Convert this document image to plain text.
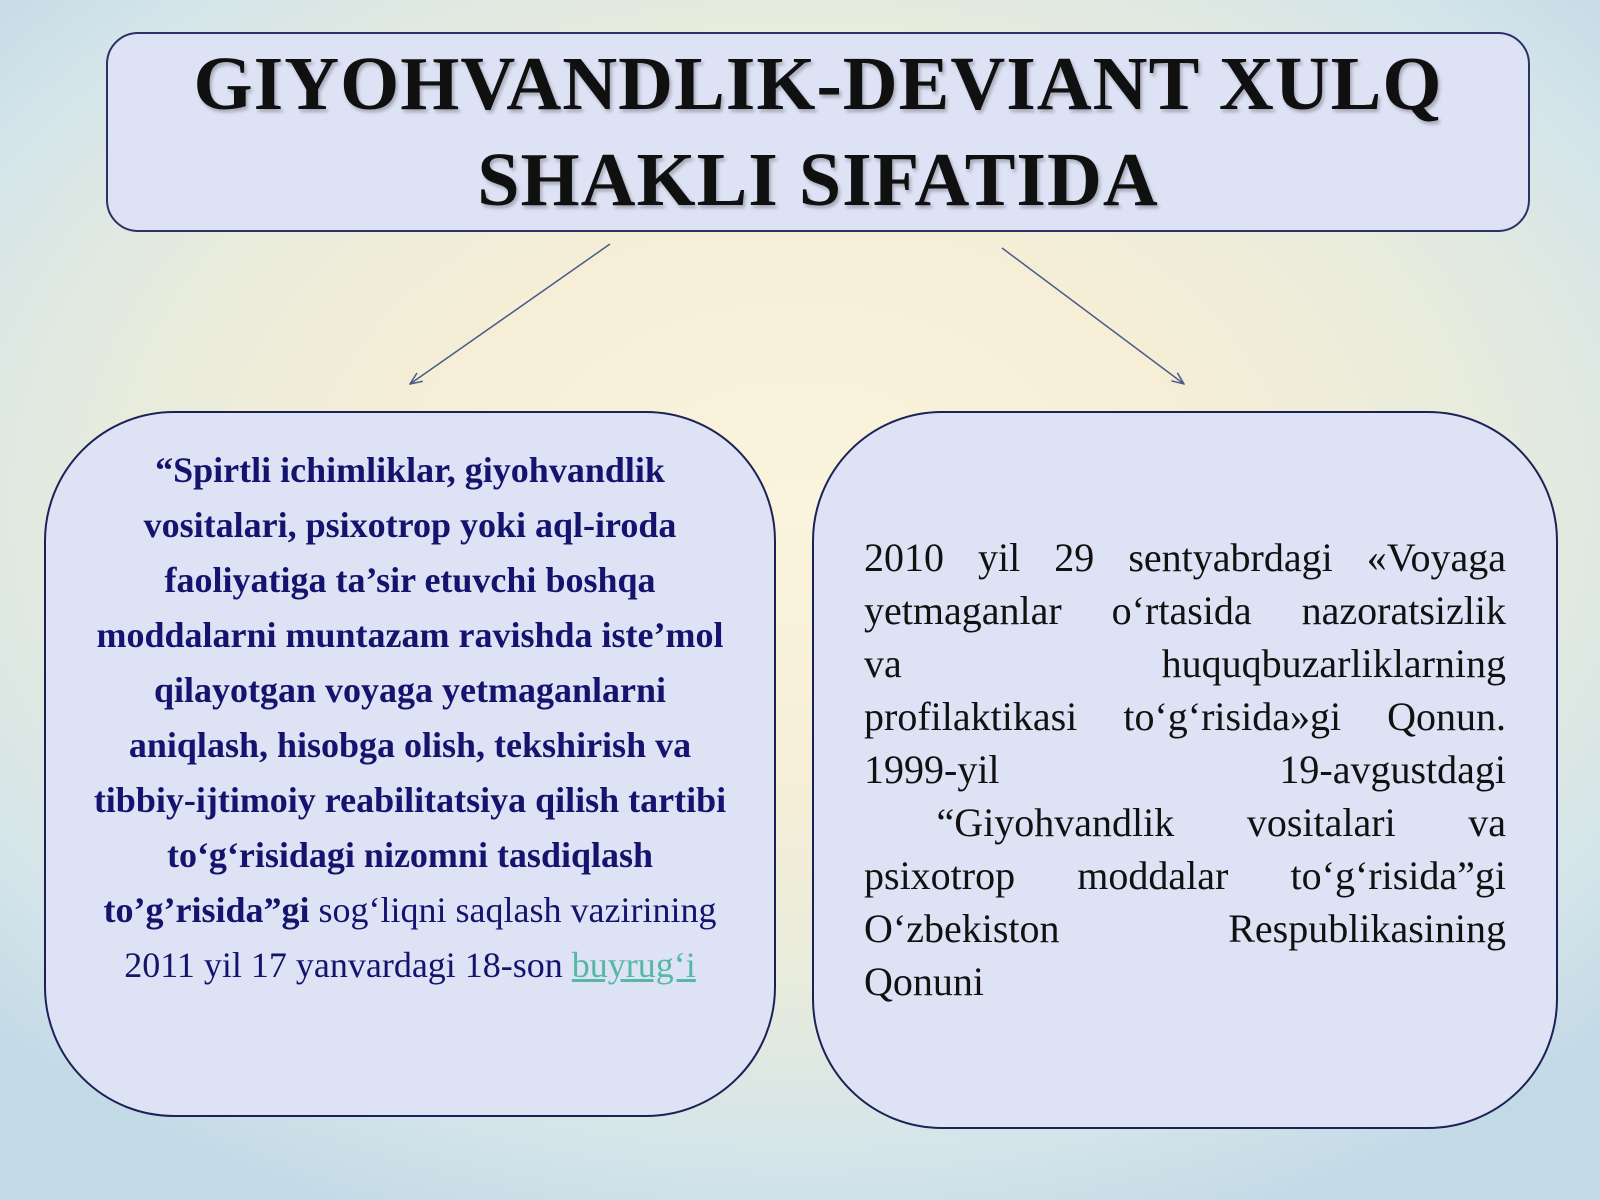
GIYOHVANDLIK-DEVIANT XULQ
SHAKLI SIFATIDA

“Spirtli ichimliklar, giyohvandlik vositalari, psixotrop yoki aql-iroda faoliyatiga ta’sir etuvchi boshqa moddalarni muntazam ravishda iste’mol qilayotgan voyaga yetmaganlarni aniqlash, hisobga olish, tekshirish va tibbiy-ijtimoiy reabilitatsiya qilish tartibi to‘g‘risidagi nizomni tasdiqlash to’g’risida”gi sog‘liqni saqlash vazirining 2011 yil 17 yanvardagi 18-son buyrug‘i
2010 yil 29 sentyabrdagi «Voyaga
yetmaganlar o‘rtasida nazoratsizlik
va huquqbuzarliklarning
profilaktikasi to‘g‘risida»gi Qonun.
1999-yil 19-avgustdagi
“Giyohvandlik vositalari va
psixotrop moddalar to‘g‘risida”gi
O‘zbekiston Respublikasining
Qonuni
